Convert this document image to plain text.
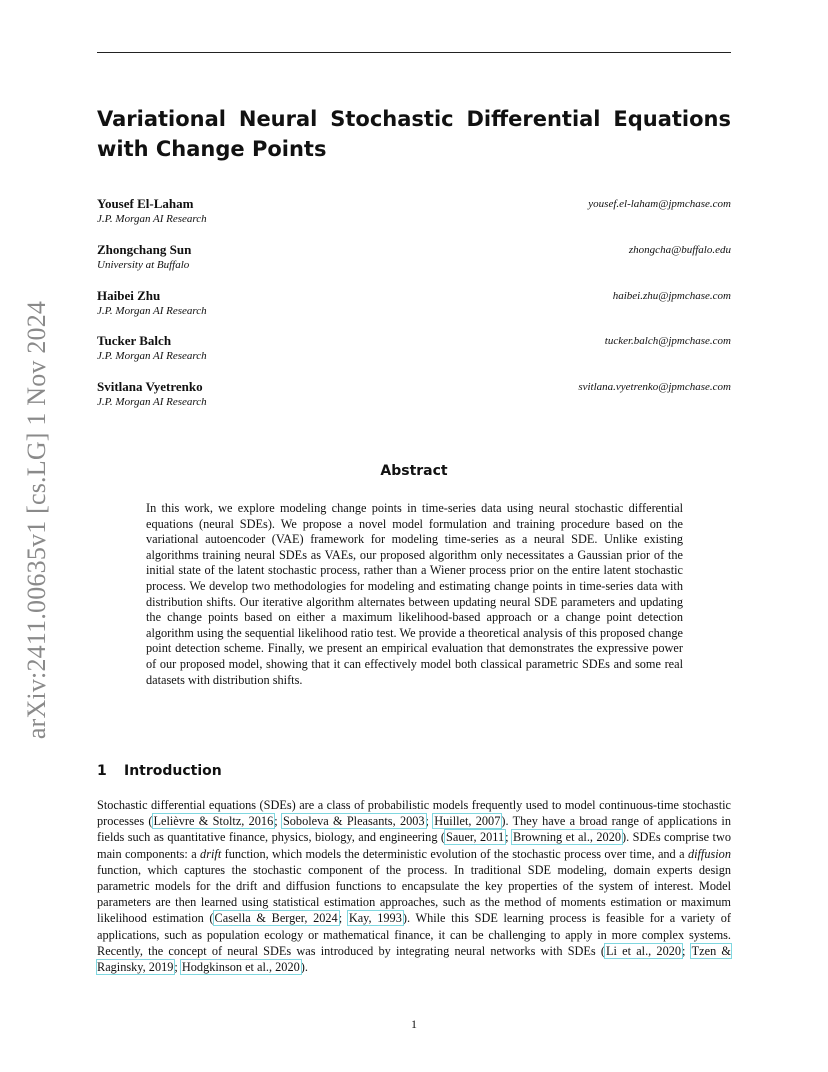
arXiv:2411.00635v1 [cs.LG] 1 Nov 2024
Variational Neural Stochastic Differential Equations with Change Points
Yousef El-Laham
J.P. Morgan AI Research
yousef.el-laham@jpmchase.com
Zhongchang Sun
University at Buffalo
zhongcha@buffalo.edu
Haibei Zhu
J.P. Morgan AI Research
haibei.zhu@jpmchase.com
Tucker Balch
J.P. Morgan AI Research
tucker.balch@jpmchase.com
Svitlana Vyetrenko
J.P. Morgan AI Research
svitlana.vyetrenko@jpmchase.com
Abstract

In this work, we explore modeling change points in time-series data using neural stochastic differential equations (neural SDEs). We propose a novel model formulation and training procedure based on the variational autoencoder (VAE) framework for modeling time-series as a neural SDE. Unlike existing algorithms training neural SDEs as VAEs, our proposed algorithm only necessitates a Gaussian prior of the initial state of the latent stochastic process, rather than a Wiener process prior on the entire latent stochastic process. We develop two methodologies for modeling and estimating change points in time-series data with distribution shifts. Our iterative algorithm alternates between updating neural SDE parameters and updating the change points based on either a maximum likelihood-based approach or a change point detection algorithm using the sequential likelihood ratio test. We provide a theoretical analysis of this proposed change point detection scheme. Finally, we present an empirical evaluation that demonstrates the expressive power of our proposed model, showing that it can effectively model both classical parametric SDEs and some real datasets with distribution shifts.

1 Introduction

Stochastic differential equations (SDEs) are a class of probabilistic models frequently used to model continuous-time stochastic processes (Lelièvre & Stoltz, 2016; Soboleva & Pleasants, 2003; Huillet, 2007). They have a broad range of applications in fields such as quantitative finance, physics, biology, and engineering (Sauer, 2011; Browning et al., 2020). SDEs comprise two main components: a drift function, which models the deterministic evolution of the stochastic process over time, and a diffusion function, which captures the stochastic component of the process. In traditional SDE modeling, domain experts design parametric models for the drift and diffusion functions to encapsulate the key properties of the system of interest. Model parameters are then learned using statistical estimation approaches, such as the method of moments estimation or maximum likelihood estimation (Casella & Berger, 2024; Kay, 1993). While this SDE learning process is feasible for a variety of applications, such as population ecology or mathematical finance, it can be challenging to apply in more complex systems. Recently, the concept of neural SDEs was introduced by integrating neural networks with SDEs (Li et al., 2020; Tzen & Raginsky, 2019; Hodgkinson et al., 2020).

1
